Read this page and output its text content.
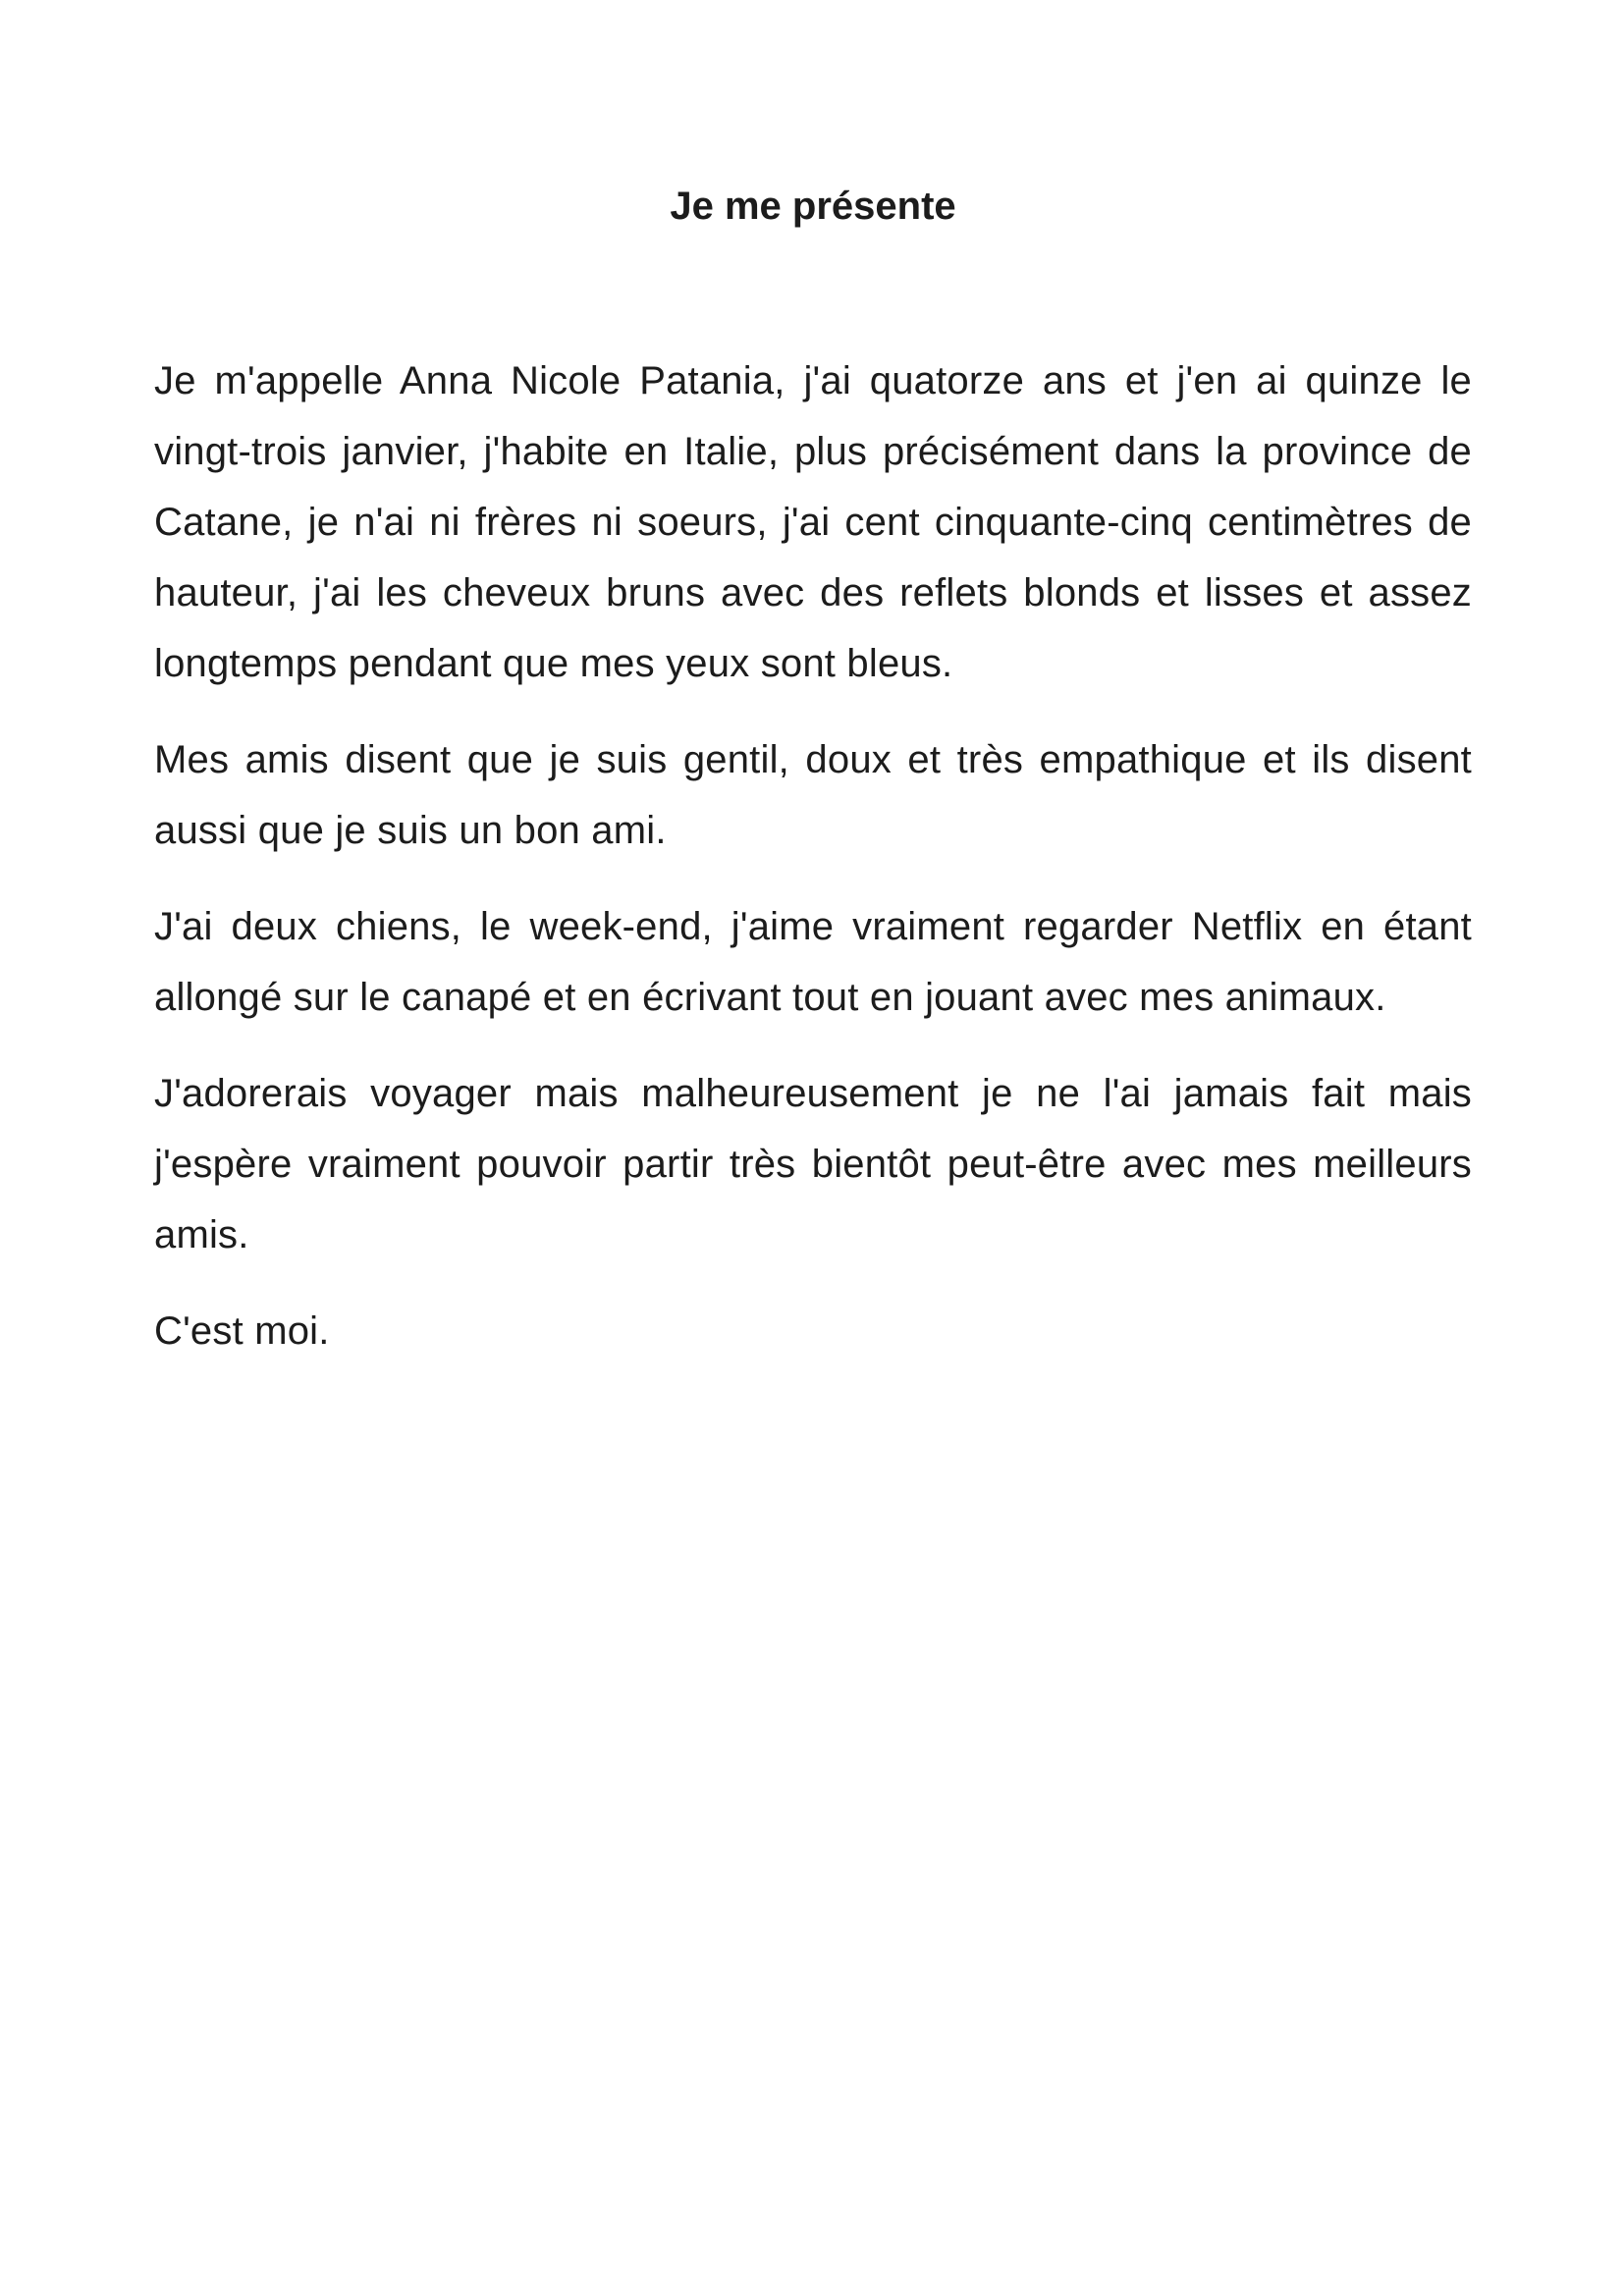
Je me présente

Je m'appelle Anna Nicole Patania, j'ai quatorze ans et j'en ai quinze le vingt-trois janvier, j'habite en Italie, plus précisément dans la province de Catane, je n'ai ni frères ni soeurs, j'ai cent cinquante-cinq centimètres de hauteur, j'ai les cheveux bruns avec des reflets blonds et lisses et assez longtemps pendant que mes yeux sont bleus.

Mes amis disent que je suis gentil, doux et très empathique et ils disent aussi que je suis un bon ami.

J'ai deux chiens, le week-end, j'aime vraiment regarder Netflix en étant allongé sur le canapé et en écrivant tout en jouant avec mes animaux.

J'adorerais voyager mais malheureusement je ne l'ai jamais fait mais j'espère vraiment pouvoir partir très bientôt peut-être avec mes meilleurs amis.

C'est moi.
